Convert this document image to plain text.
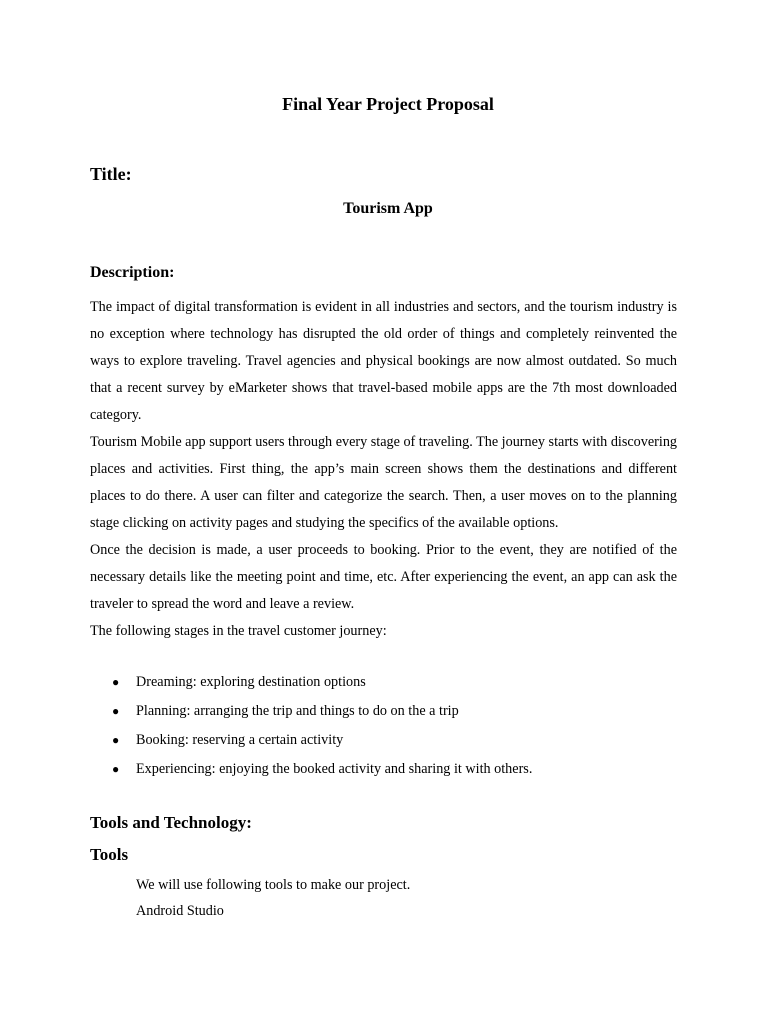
Final Year Project Proposal
Title:
Tourism App
Description:

The impact of digital transformation is evident in all industries and sectors, and the tourism industry is no exception where technology has disrupted the old order of things and completely reinvented the ways to explore traveling. Travel agencies and physical bookings are now almost outdated. So much that a recent survey by eMarketer shows that travel-based mobile apps are the 7th most downloaded category.

Tourism Mobile app support users through every stage of traveling. The journey starts with discovering places and activities. First thing, the app’s main screen shows them the destinations and different places to do there. A user can filter and categorize the search. Then, a user moves on to the planning stage clicking on activity pages and studying the specifics of the available options.

Once the decision is made, a user proceeds to booking. Prior to the event, they are notified of the necessary details like the meeting point and time, etc. After experiencing the event, an app can ask the traveler to spread the word and leave a review.

The following stages in the travel customer journey:

● Dreaming: exploring destination options
● Planning: arranging the trip and things to do on the a trip
● Booking: reserving a certain activity
● Experiencing: enjoying the booked activity and sharing it with others.
Tools and Technology:
Tools

We will use following tools to make our project.

Android Studio
